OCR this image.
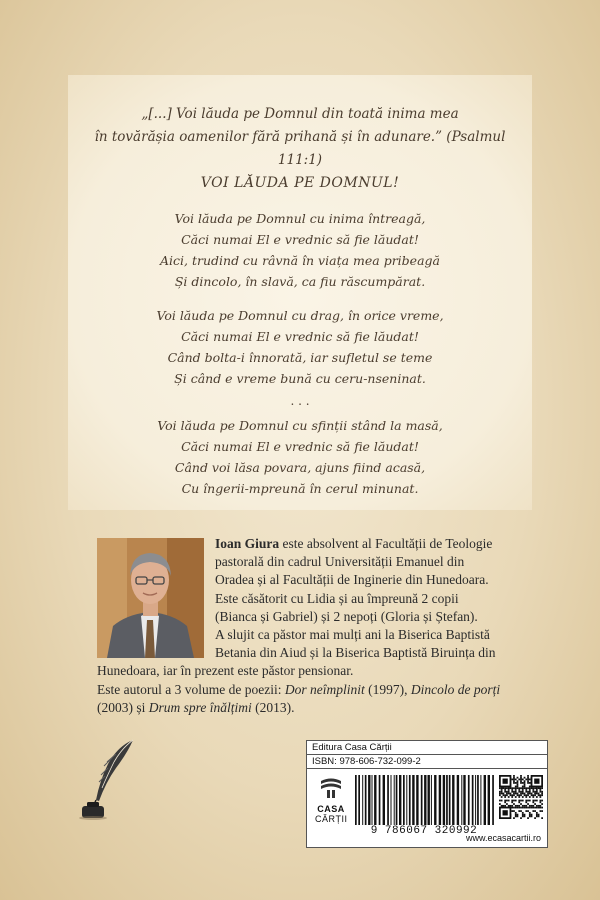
„[...] Voi lăuda pe Domnul din toată inima mea
în tovărășia oamenilor fără prihană și în adunare.” (Psalmul 111:1)
VOI LĂUDA PE DOMNUL!
Voi lăuda pe Domnul cu inima întreagă,
Căci numai El e vrednic să fie lăudat!
Aici, trudind cu râvnă în viața mea pribeagă
Și dincolo, în slavă, ca fiu răscumpărat.
Voi lăuda pe Domnul cu drag, în orice vreme,
Căci numai El e vrednic să fie lăudat!
Când bolta-i înnorată, iar sufletul se teme
Și când e vreme bună cu ceru-nseninat.
. . .
Voi lăuda pe Domnul cu sfinții stând la masă,
Căci numai El e vrednic să fie lăudat!
Când voi lăsa povara, ajuns fiind acasă,
Cu îngerii-mpreună în cerul minunat.
Ioan Giura este absolvent al Facultății de Teologie
pastorală din cadrul Universității Emanuel din
Oradea și al Facultății de Inginerie din Hunedoara.
Este căsătorit cu Lidia și au împreună 2 copii
(Bianca și Gabriel) și 2 nepoți (Gloria și Ștefan).
A slujit ca păstor mai mulți ani la Biserica Baptistă
Betania din Aiud și la Biserica Baptistă Biruința din
Hunedoara, iar în prezent este păstor pensionar.
Este autorul a 3 volume de poezii: Dor neîmplinit (1997), Dincolo de porți
(2003) și Drum spre înălțimi (2013).
Editura Casa Cărții
ISBN: 978-606-732-099-2
CASA
CĂRȚII
9 786067 320992
www.ecasacartii.ro
